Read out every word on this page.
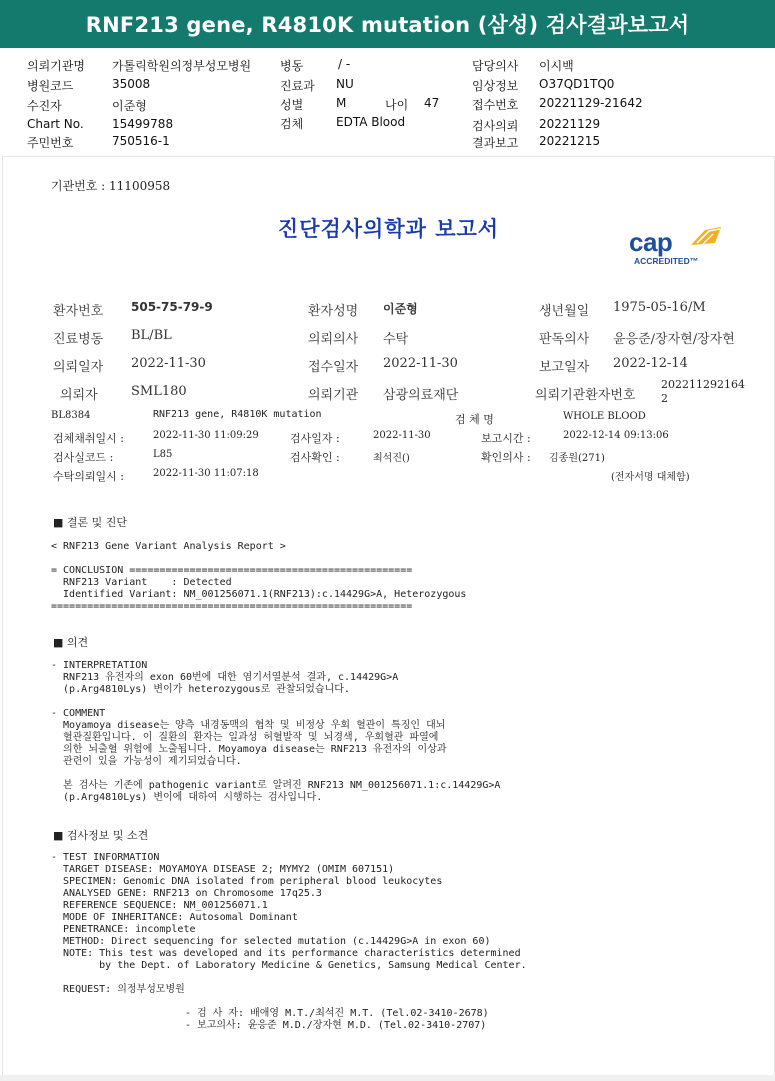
RNF213 gene, R4810K mutation (삼성) 검사결과보고서
의뢰기관명 가톨릭학원의정부성모병원
병원코드	35008
수진자	이준형
Chart No. 15499788
주민번호	750516-1
병동	/ -
진료과 NU
성별	M	나이 47
검체	EDTA Blood
담당의사 이시백
임상정보 O37QD1TQ0
접수번호 20221129-21642
검사의뢰 20221129
결과보고 20221215
기관번호 : 11100958
진단검사의학과 보고서	cap
ACCREDITED™
환자번호 505-75-79-9	환자성명 이준형	생년월일 1975-05-16/M
진료병동 BL/BL	의뢰의사 수탁	판독의사 윤응준/장자현/장자현
의뢰일자 2022-11-30	접수일자 2022-11-30	보고일자 2022-12-14
의뢰자	SML180	의뢰기관 삼광의료재단	의뢰기관환자번호
202211292164
2
BL8384	RNF213 gene, R4810K mutation	검 체 명	WHOLE BLOOD
검체채취일시 :	2022-11-30 11:09:29	검사일자 :	2022-11-30	보고시간 :	2022-12-14 09:13:06
검사실코드 :	L85	검사확인 :	최석진()	확인의사 : 김종원(271)
수탁의뢰일시 :	2022-11-30 11:07:18	(전자서명 대체함)
■ 결론 및 진단
< RNF213 Gene Variant Analysis Report >

= CONCLUSION ===============================================
RNF213 Variant    : Detected
Identified Variant: NM_001256071.1(RNF213):c.14429G>A, Heterozygous
============================================================
■ 의견
- INTERPRETATION
RNF213 유전자의 exon 60번에 대한 염기서열분석 결과, c.14429G>A
(p.Arg4810Lys) 변이가 heterozygous로 관찰되었습니다.

- COMMENT
Moyamoya disease는 양측 내경동맥의 협착 및 비정상 우회 혈관이 특징인 대뇌
혈관질환입니다. 이 질환의 환자는 일과성 허혈발작 및 뇌경색, 우회혈관 파열에
의한 뇌출혈 위험에 노출됩니다. Moyamoya disease는 RNF213 유전자의 이상과
관련이 있을 가능성이 제기되었습니다.

본 검사는 기존에 pathogenic variant로 알려진 RNF213 NM_001256071.1:c.14429G>A
(p.Arg4810Lys) 변이에 대하여 시행하는 검사입니다.
■ 검사정보 및 소견
- TEST INFORMATION
TARGET DISEASE: MOYAMOYA DISEASE 2; MYMY2 (OMIM 607151)
SPECIMEN: Genomic DNA isolated from peripheral blood leukocytes
ANALYSED GENE: RNF213 on Chromosome 17q25.3
REFERENCE SEQUENCE: NM_001256071.1
MODE OF INHERITANCE: Autosomal Dominant
PENETRANCE: incomplete
METHOD: Direct sequencing for selected mutation (c.14429G>A in exon 60)
NOTE: This test was developed and its performance characteristics determined
by the Dept. of Laboratory Medicine & Genetics, Samsung Medical Center.

REQUEST: 의정부성모병원
- 검 사 자: 배애영 M.T./최석진 M.T. (Tel.02-3410-2678)
- 보고의사: 윤응준 M.D./장자현 M.D. (Tel.02-3410-2707)
